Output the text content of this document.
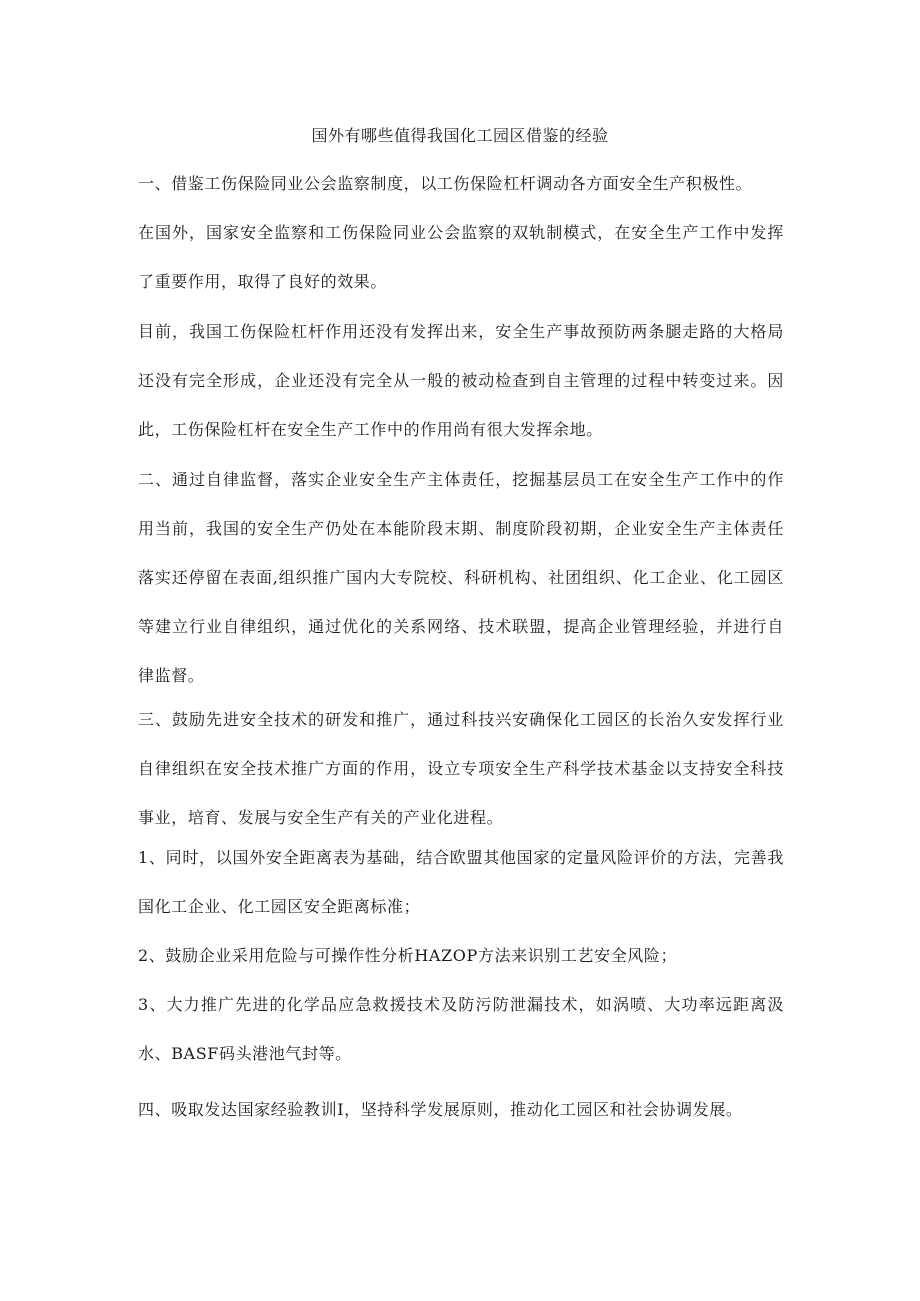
国外有哪些值得我国化工园区借鉴的经验

一、借鉴工伤保险同业公会监察制度，以工伤保险杠杆调动各方面安全生产积极性。

在国外，国家安全监察和工伤保险同业公会监察的双轨制模式，在安全生产工作中发挥了重要作用，取得了良好的效果。

目前，我国工伤保险杠杆作用还没有发挥出来，安全生产事故预防两条腿走路的大格局还没有完全形成，企业还没有完全从一般的被动检查到自主管理的过程中转变过来。因此，工伤保险杠杆在安全生产工作中的作用尚有很大发挥余地。

二、通过自律监督，落实企业安全生产主体责任，挖掘基层员工在安全生产工作中的作用当前，我国的安全生产仍处在本能阶段末期、制度阶段初期，企业安全生产主体责任落实还停留在表面,组织推广国内大专院校、科研机构、社团组织、化工企业、化工园区等建立行业自律组织，通过优化的关系网络、技术联盟，提高企业管理经验，并进行自律监督。

三、鼓励先进安全技术的研发和推广，通过科技兴安确保化工园区的长治久安发挥行业自律组织在安全技术推广方面的作用，设立专项安全生产科学技术基金以支持安全科技事业，培育、发展与安全生产有关的产业化进程。

1、同时，以国外安全距离表为基础，结合欧盟其他国家的定量风险评价的方法，完善我国化工企业、化工园区安全距离标准；

2、鼓励企业采用危险与可操作性分析HAZOP方法来识别工艺安全风险；

3、大力推广先进的化学品应急救援技术及防污防泄漏技术，如涡喷、大功率远距离汲水、BASF码头港池气封等。

四、吸取发达国家经验教训I，坚持科学发展原则，推动化工园区和社会协调发展。
